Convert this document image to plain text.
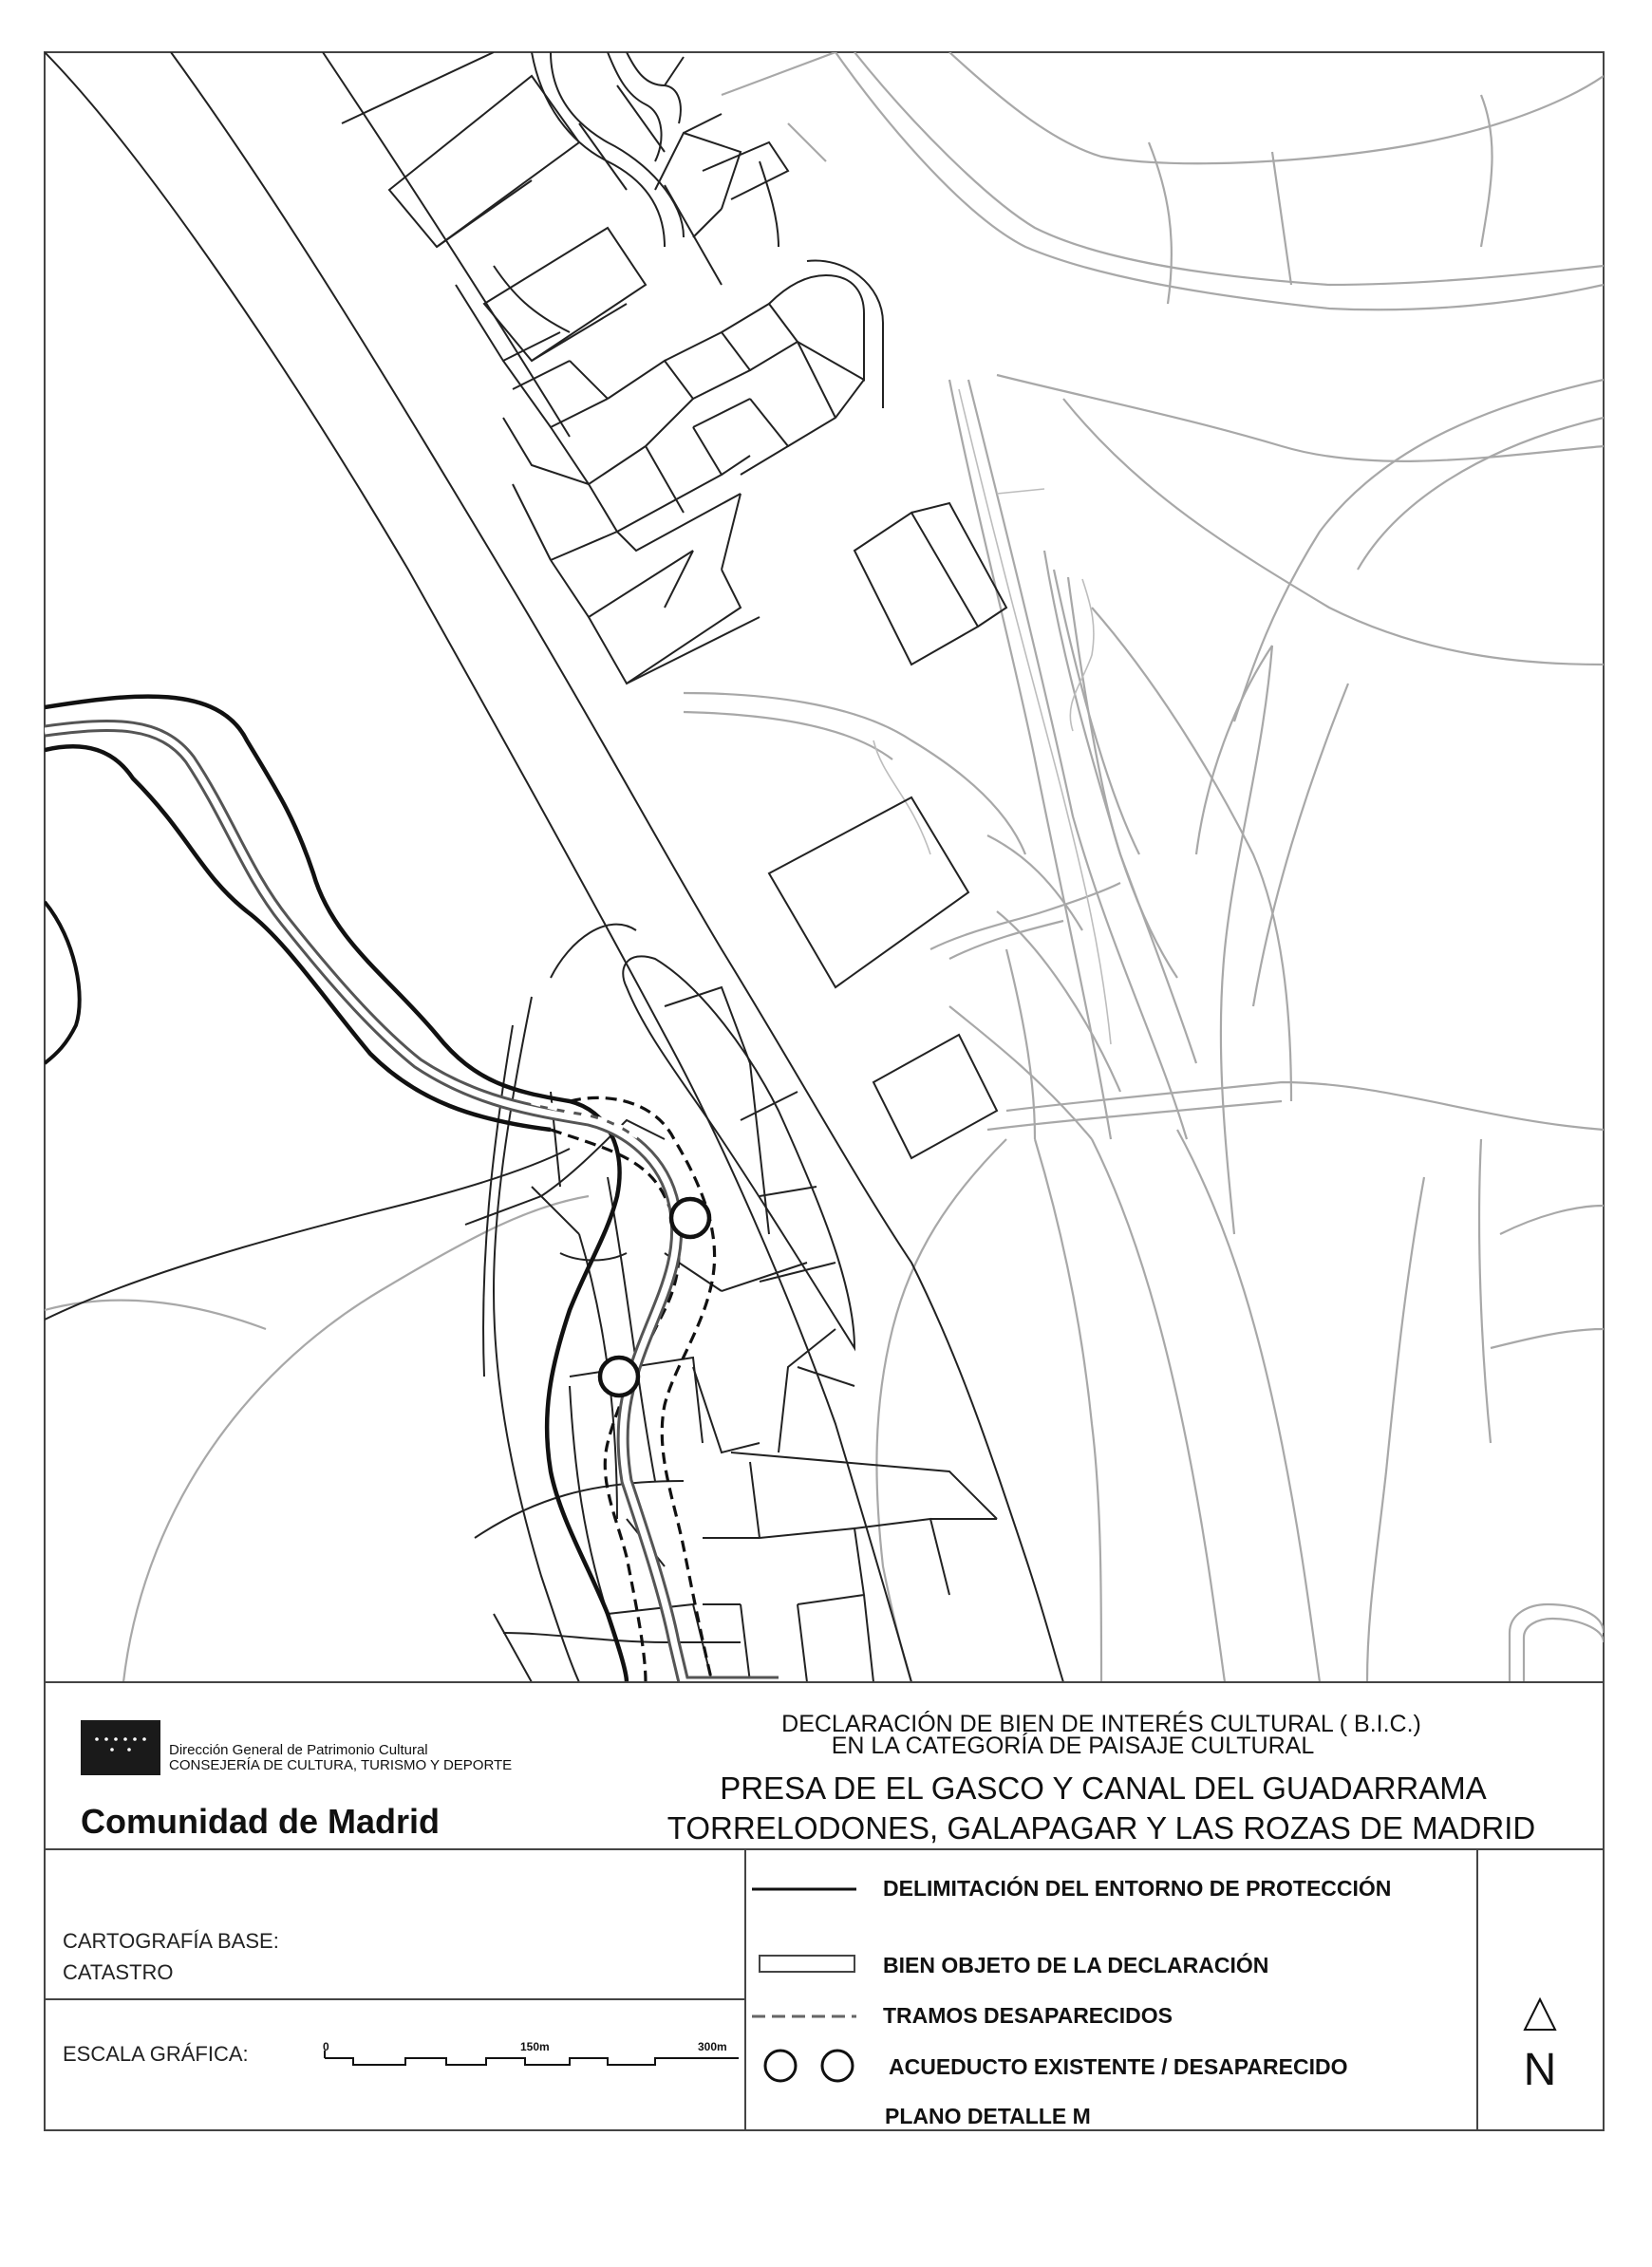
Dirección General de Patrimonio Cultural
CONSEJERÍA DE CULTURA, TURISMO Y DEPORTE
Comunidad de Madrid
DECLARACIÓN DE BIEN DE INTERÉS CULTURAL ( B.I.C.)
EN LA CATEGORÍA DE PAISAJE CULTURAL
PRESA DE EL GASCO Y CANAL DEL GUADARRAMA
TORRELODONES, GALAPAGAR Y LAS ROZAS DE MADRID
CARTOGRAFÍA BASE:
CATASTRO
ESCALA GRÁFICA:	0	150m	300m
DELIMITACIÓN DEL ENTORNO DE PROTECCIÓN
BIEN OBJETO DE LA DECLARACIÓN
TRAMOS DESAPARECIDOS
ACUEDUCTO EXISTENTE / DESAPARECIDO
PLANO DETALLE M
N
